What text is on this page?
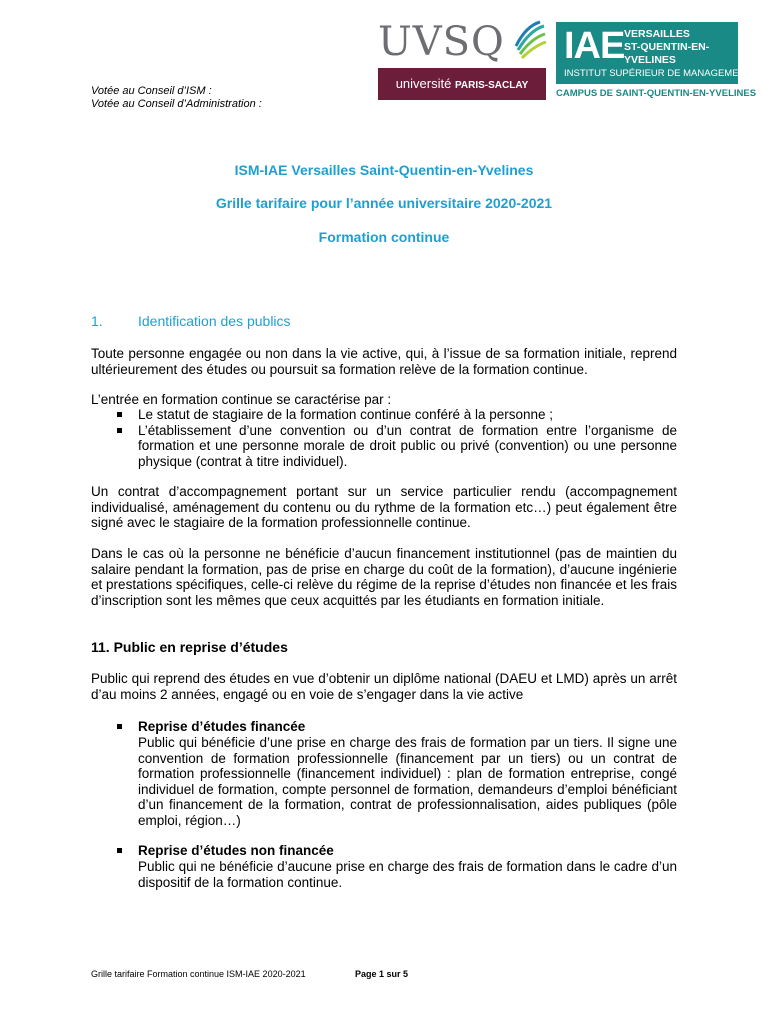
UVSQ
université PARIS-SACLAY
IAE VERSAILLES
ST-QUENTIN-EN-YVELINES
INSTITUT SUPÉRIEUR DE MANAGEMENT
CAMPUS DE SAINT-QUENTIN-EN-YVELINES
Votée au Conseil d’ISM :
Votée au Conseil d’Administration :
ISM-IAE Versailles Saint-Quentin-en-Yvelines
Grille tarifaire pour l’année universitaire 2020-2021
Formation continue
1.	Identification des publics
Toute personne engagée ou non dans la vie active, qui, à l’issue de sa formation initiale, reprend ultérieurement des études ou poursuit sa formation relève de la formation continue.
L’entrée en formation continue se caractérise par :
Le statut de stagiaire de la formation continue conféré à la personne ;
L’établissement d’une convention ou d’un contrat de formation entre l’organisme de formation et une personne morale de droit public ou privé (convention) ou une personne physique (contrat à titre individuel).
Un contrat d’accompagnement portant sur un service particulier rendu (accompagnement individualisé, aménagement du contenu ou du rythme de la formation etc…) peut également être signé avec le stagiaire de la formation professionnelle continue.
Dans le cas où la personne ne bénéficie d’aucun financement institutionnel (pas de maintien du salaire pendant la formation, pas de prise en charge du coût de la formation), d’aucune ingénierie et prestations spécifiques, celle-ci relève du régime de la reprise d’études non financée et les frais d’inscription sont les mêmes que ceux acquittés par les étudiants en formation initiale.
11. Public en reprise d’études
Public qui reprend des études en vue d’obtenir un diplôme national (DAEU et LMD) après un arrêt d’au moins 2 années, engagé ou en voie de s’engager dans la vie active
Reprise d’études financée
Public qui bénéficie d’une prise en charge des frais de formation par un tiers. Il signe une convention de formation professionnelle (financement par un tiers) ou un contrat de formation professionnelle (financement individuel) : plan de formation entreprise, congé individuel de formation, compte personnel de formation, demandeurs d’emploi bénéficiant d’un financement de la formation, contrat de professionnalisation, aides publiques (pôle emploi, région…)
Reprise d’études non financée
Public qui ne bénéficie d’aucune prise en charge des frais de formation dans le cadre d’un dispositif de la formation continue.
Grille tarifaire Formation continue ISM-IAE 2020-2021	Page 1 sur 5
